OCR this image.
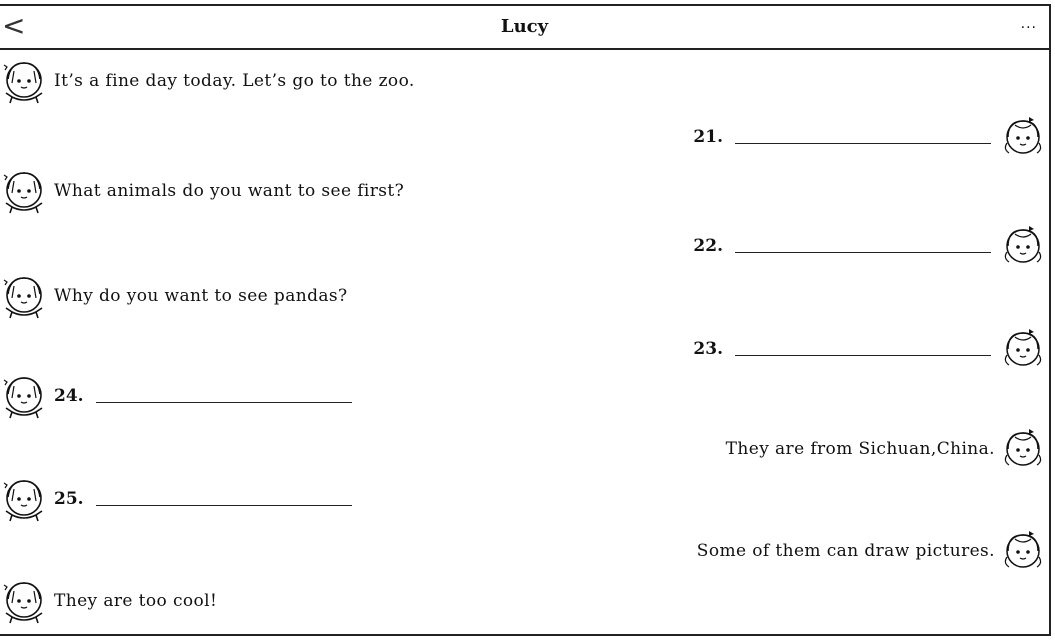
<	Lucy	...
It’s a fine day today. Let’s go to the zoo.
21.
What animals do you want to see first?
22.
Why do you want to see pandas?
23.
24.
They are from Sichuan,China.
25.
Some of them can draw pictures.
They are too cool!
